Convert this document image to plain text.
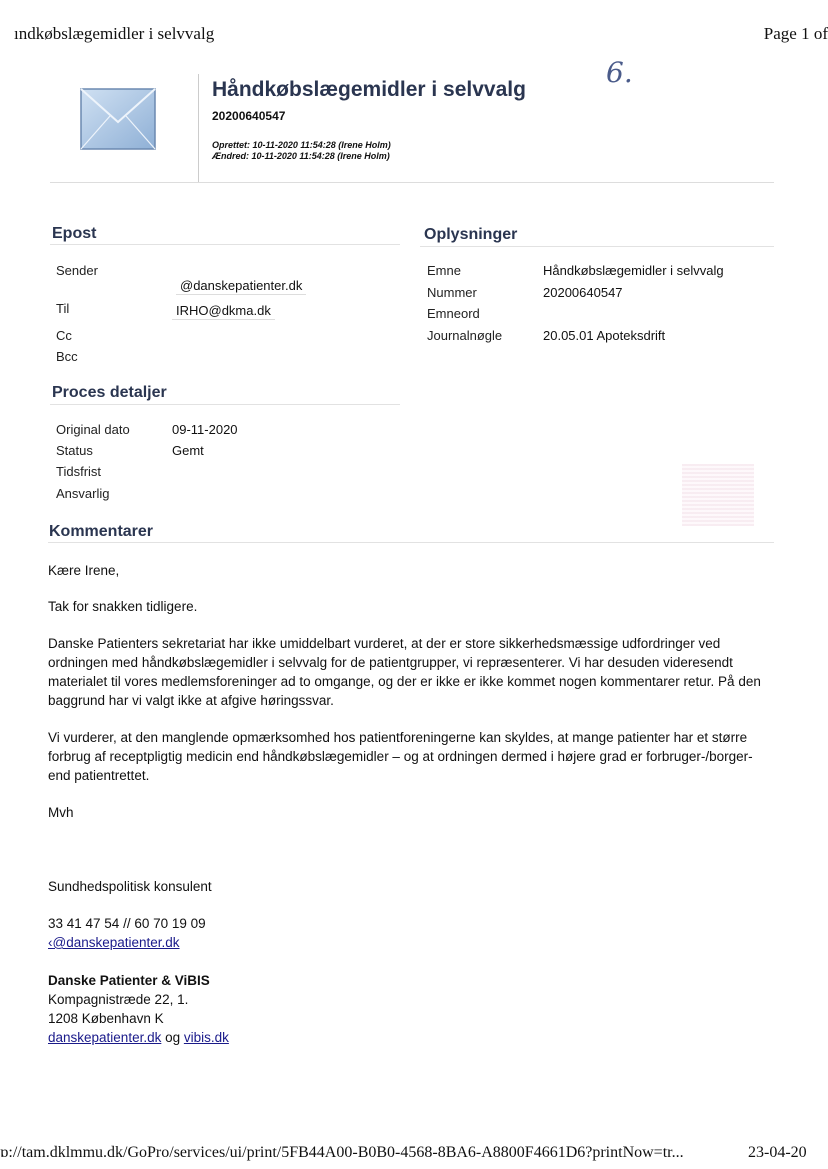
ındkøbslægemidler i selvvalg	Page 1 of
6.
Håndkøbslægemidler i selvvalg
20200640547
Oprettet: 10-11-2020 11:54:28 (Irene Holm)
Ændred: 10-11-2020 11:54:28 (Irene Holm)
Epost
Sender
@danskepatienter.dk
Til	IRHO@dkma.dk
Cc
Bcc
Oplysninger
Emne	Håndkøbslægemidler i selvvalg
Nummer	20200640547
Emneord
Journalnøgle	20.05.01 Apoteksdrift
Proces detaljer
Original dato	09-11-2020
Status	Gemt
Tidsfrist
Ansvarlig
Kommentarer
Kære Irene,
Tak for snakken tidligere.
Danske Patienters sekretariat har ikke umiddelbart vurderet, at der er store sikkerhedsmæssige udfordringer ved ordningen med håndkøbslægemidler i selvvalg for de patientgrupper, vi repræsenterer. Vi har desuden videresendt materialet til vores medlemsforeninger ad to omgange, og der er ikke er ikke kommet nogen kommentarer retur. På den baggrund har vi valgt ikke at afgive høringssvar.
Vi vurderer, at den manglende opmærksomhed hos patientforeningerne kan skyldes, at mange patienter har et større forbrug af receptpligtig medicin end håndkøbslægemidler – og at ordningen dermed i højere grad er forbruger-/borger- end patientrettet.
Mvh
Sundhedspolitisk konsulent
33 41 47 54 // 60 70 19 09
‹@danskepatienter.dk
Danske Patienter & ViBIS
Kompagnistræde 22, 1.
1208 København K
danskepatienter.dk og vibis.dk
ɒ://tam.dklmmu.dk/GoPro/services/ui/print/5FB44A00-B0B0-4568-8BA6-A8800F4661D6?printNow=tr...	23-04-20
